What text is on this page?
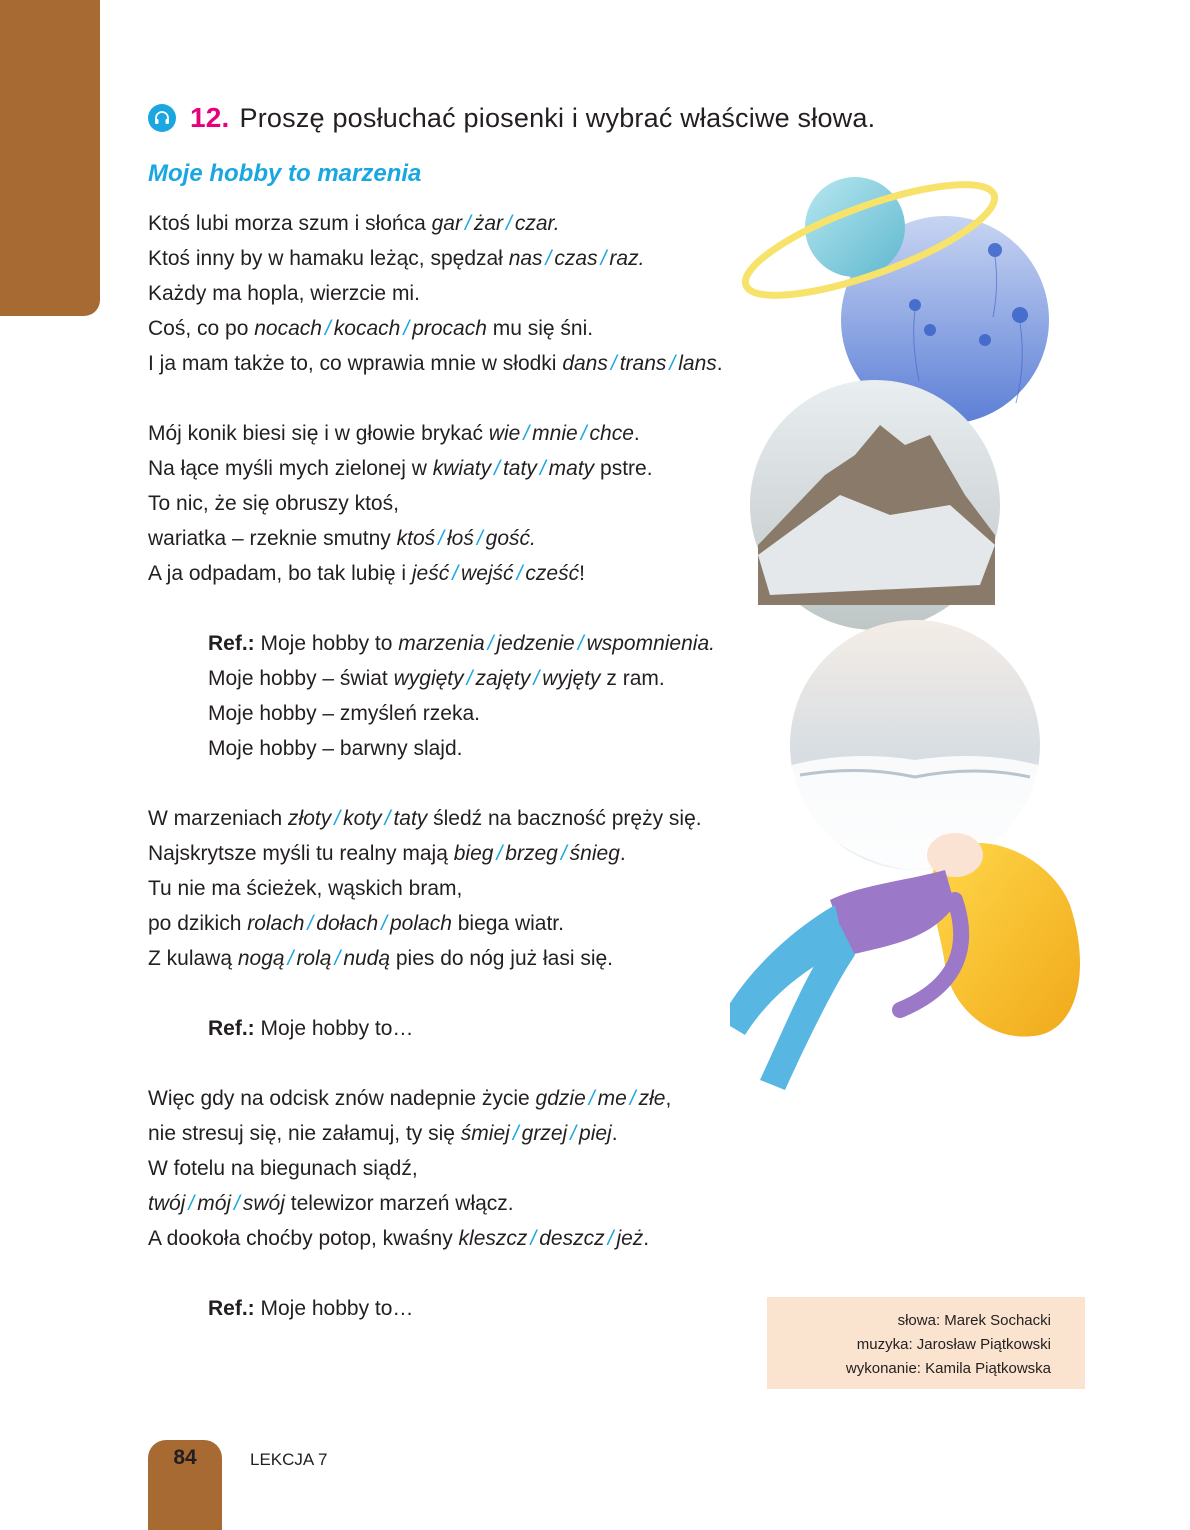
12. Proszę posłuchać piosenki i wybrać właściwe słowa.
Moje hobby to marzenia
Ktoś lubi morza szum i słońca gar / żar / czar.
Ktoś inny by w hamaku leżąc, spędzał nas / czas / raz.
Każdy ma hopla, wierzcie mi.
Coś, co po nocach / kocach / procach mu się śni.
I ja mam także to, co wprawia mnie w słodki dans / trans / lans.
Mój konik biesi się i w głowie brykać wie / mnie / chce.
Na łące myśli mych zielonej w kwiaty / taty / maty pstre.
To nic, że się obruszy ktoś,
wariatka – rzeknie smutny ktoś / łoś / gość.
A ja odpadam, bo tak lubię i jeść / wejść / cześć!
Ref.: Moje hobby to marzenia / jedzenie / wspomnienia.
Moje hobby – świat wygięty / zajęty / wyjęty z ram.
Moje hobby – zmyśleń rzeka.
Moje hobby – barwny slajd.
W marzeniach złoty / koty / taty śledź na baczność pręży się.
Najskrytsze myśli tu realny mają bieg / brzeg / śnieg.
Tu nie ma ścieżek, wąskich bram,
po dzikich rolach / dołach / polach biega wiatr.
Z kulawą nogą / rolą / nudą pies do nóg już łasi się.
Ref.: Moje hobby to…
Więc gdy na odcisk znów nadepnie życie gdzie / me / złe,
nie stresuj się, nie załamuj, ty się śmiej / grzej / piej.
W fotelu na biegunach siądź,
twój / mój / swój telewizor marzeń włącz.
A dookoła choćby potop, kwaśny kleszcz / deszcz / jeż.
Ref.: Moje hobby to…
słowa: Marek Sochacki
muzyka: Jarosław Piątkowski
wykonanie: Kamila Piątkowska
84	LEKCJA 7
